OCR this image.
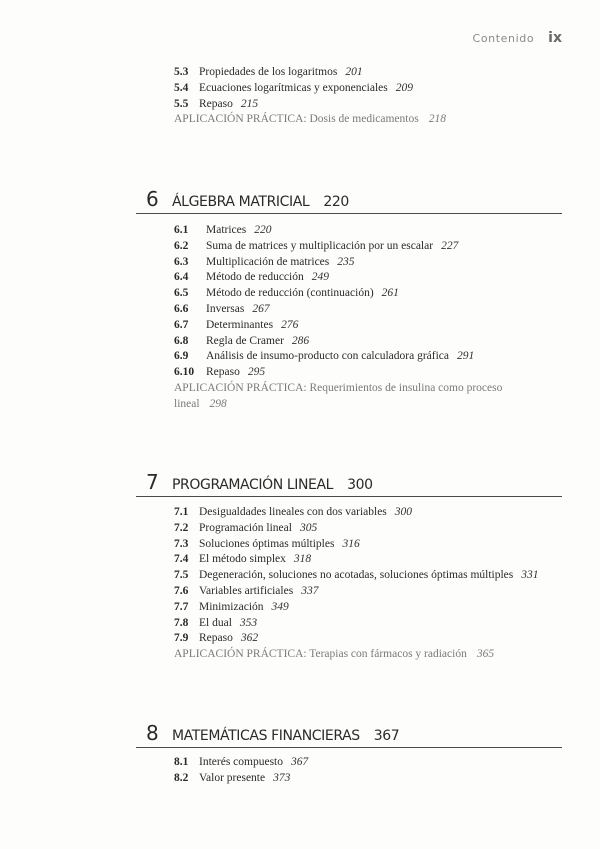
Contenido ix
5.3 Propiedades de los logaritmos 201
5.4 Ecuaciones logarítmicas y exponenciales 209
5.5 Repaso 215
APLICACIÓN PRÁCTICA: Dosis de medicamentos 218
6 ÁLGEBRA MATRICIAL 220
6.1 Matrices 220
6.2 Suma de matrices y multiplicación por un escalar 227
6.3 Multiplicación de matrices 235
6.4 Método de reducción 249
6.5 Método de reducción (continuación) 261
6.6 Inversas 267
6.7 Determinantes 276
6.8 Regla de Cramer 286
6.9 Análisis de insumo-producto con calculadora gráfica 291
6.10 Repaso 295
APLICACIÓN PRÁCTICA: Requerimientos de insulina como proceso lineal 298
7 PROGRAMACIÓN LINEAL 300
7.1 Desigualdades lineales con dos variables 300
7.2 Programación lineal 305
7.3 Soluciones óptimas múltiples 316
7.4 El método simplex 318
7.5 Degeneración, soluciones no acotadas, soluciones óptimas múltiples 331
7.6 Variables artificiales 337
7.7 Minimización 349
7.8 El dual 353
7.9 Repaso 362
APLICACIÓN PRÁCTICA: Terapias con fármacos y radiación 365
8 MATEMÁTICAS FINANCIERAS 367
8.1 Interés compuesto 367
8.2 Valor presente 373
